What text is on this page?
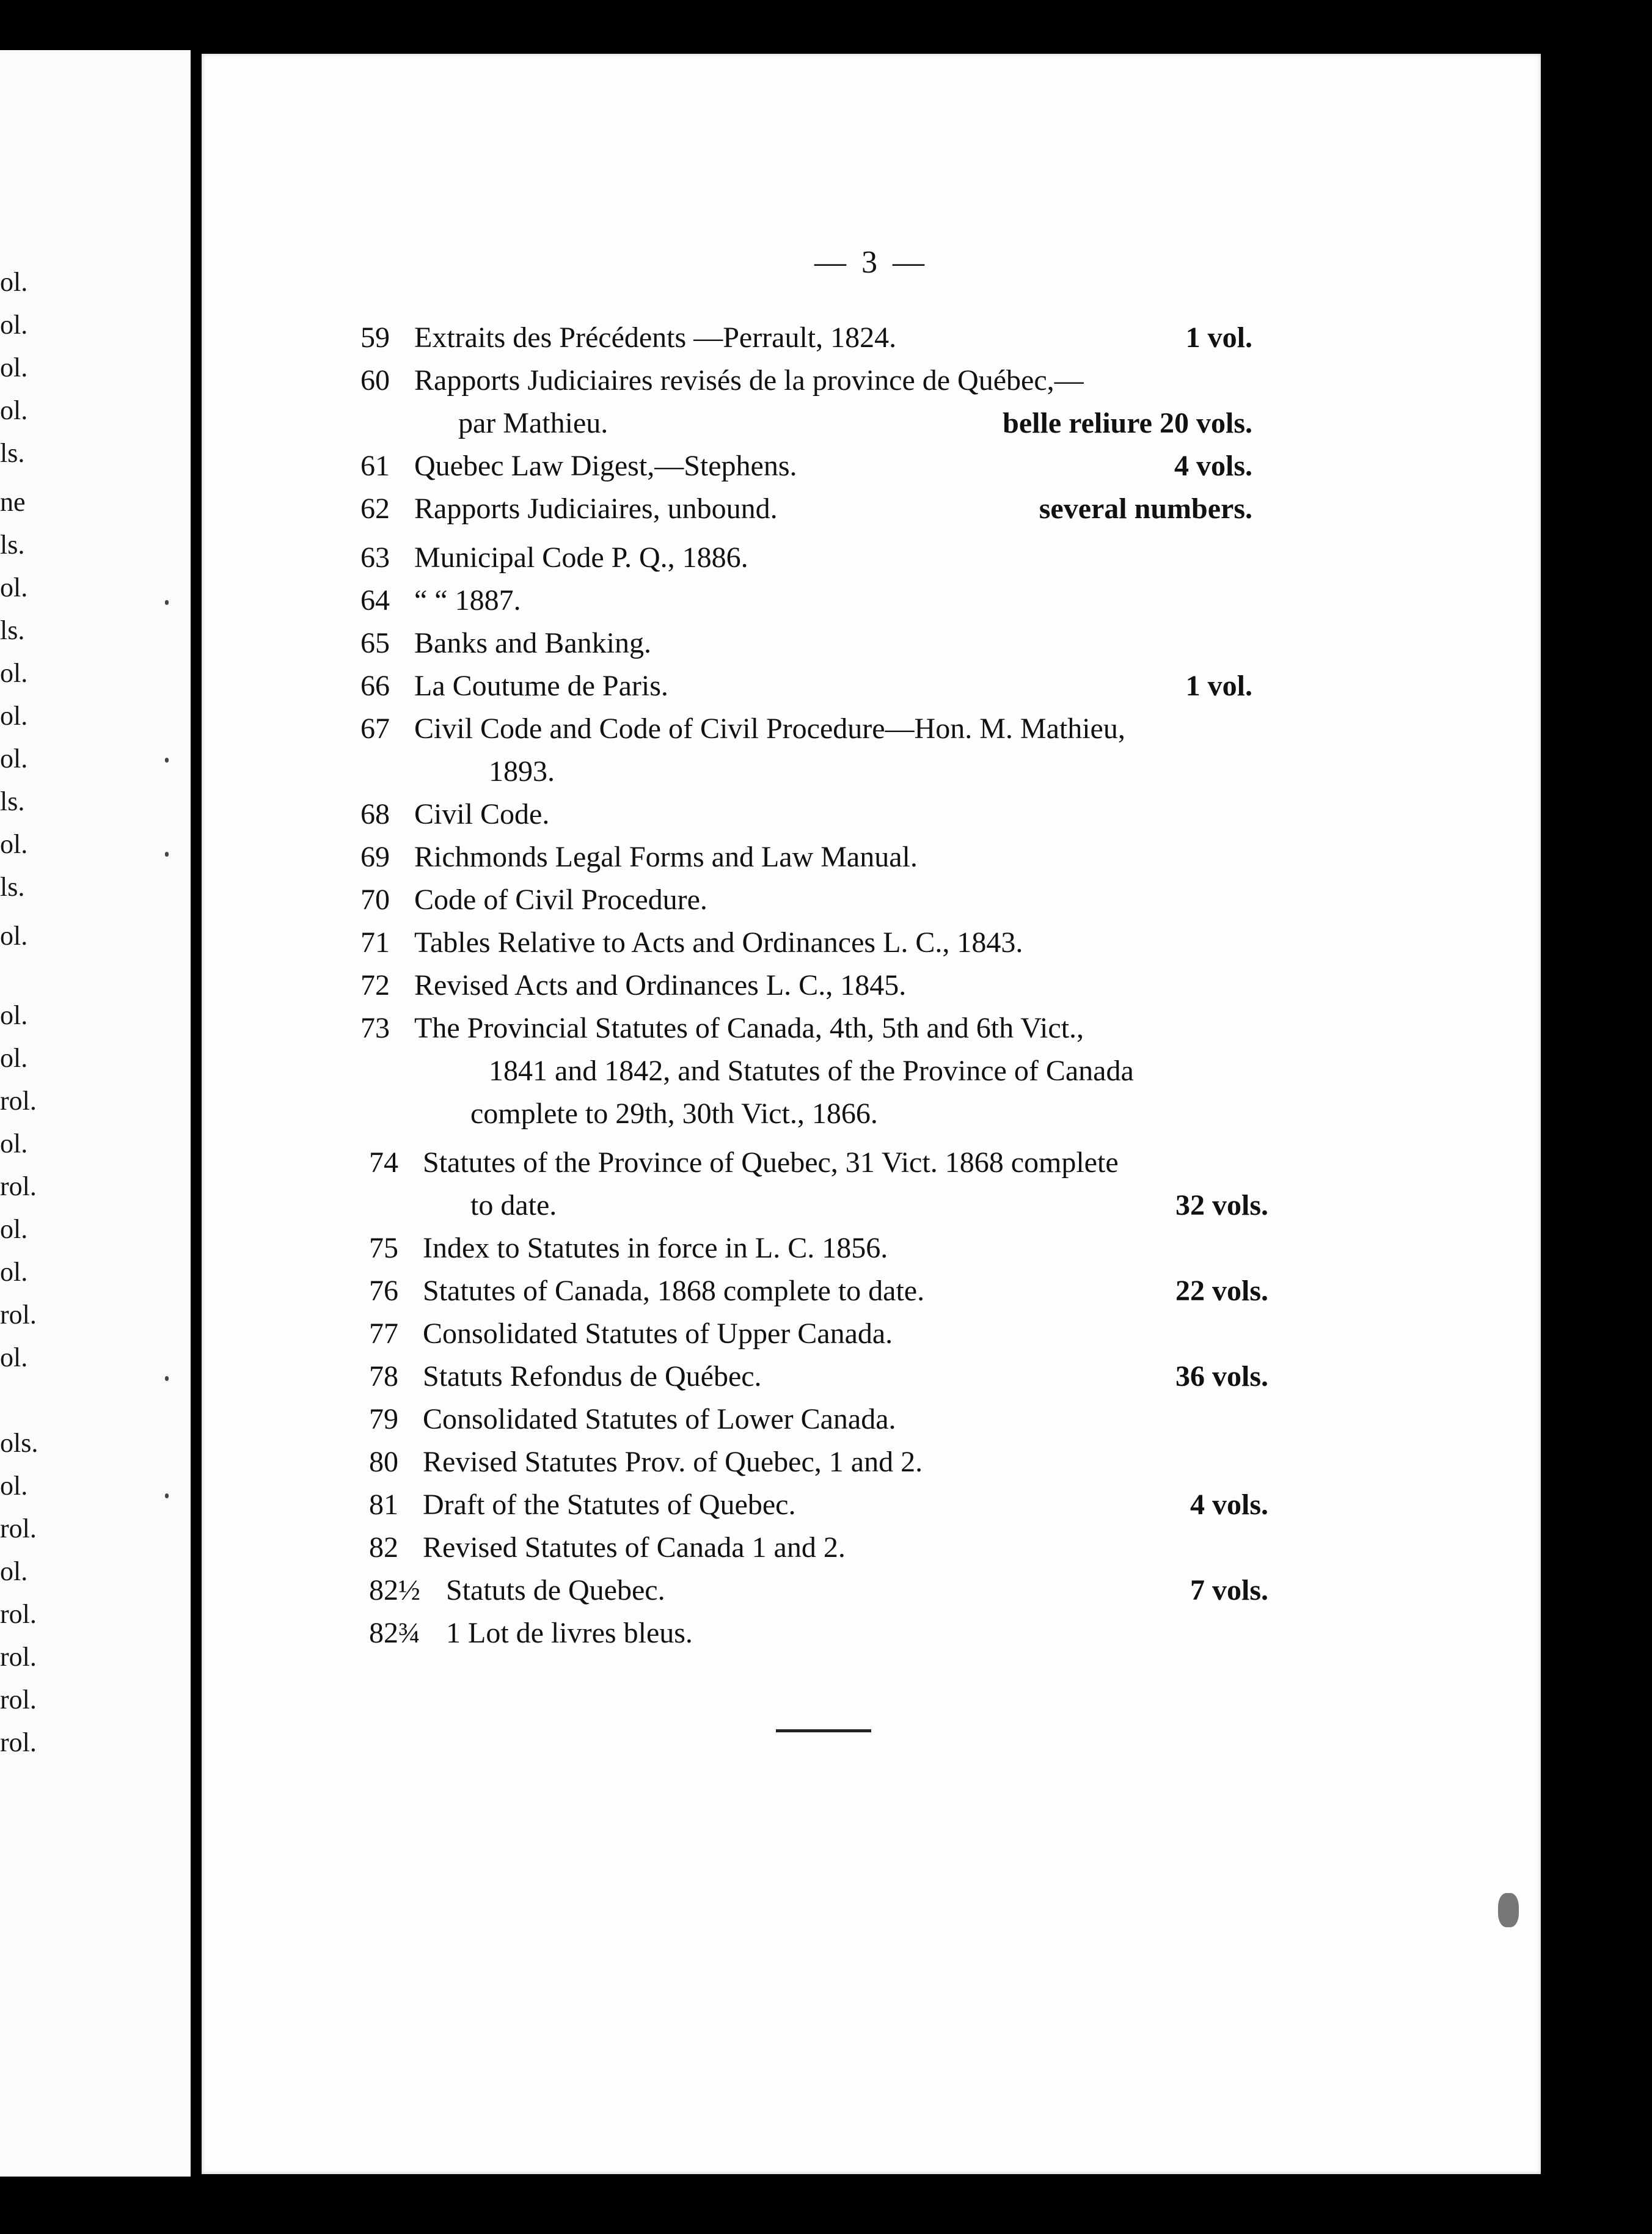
ol.
ol.
ol.
ol.
ls.
ne
ls.
ol.
ls.
ol.
ol.
ol.
ls.
ol.
ls.
ol.
ol.
ol.
rol.
ol.
rol.
ol.
ol.
rol.
ol.
ols.
ol.
rol.
ol.
rol.
rol.
rol.
rol.
— 3 —
59 Extraits des Précédents —Perrault, 1824.	1 vol.
60 Rapports Judiciaires revisés de la province de Québec,—
par Mathieu.	belle reliure 20 vols.
61 Quebec Law Digest,—Stephens.	4 vols.
62 Rapports Judiciaires, unbound.	several numbers.
63 Municipal Code P. Q., 1886.
64 “ “ 1887.
65 Banks and Banking.
66 La Coutume de Paris.	1 vol.
67 Civil Code and Code of Civil Procedure—Hon. M. Mathieu,
1893.
68 Civil Code.
69 Richmonds Legal Forms and Law Manual.
70 Code of Civil Procedure.
71 Tables Relative to Acts and Ordinances L. C., 1843.
72 Revised Acts and Ordinances L. C., 1845.
73 The Provincial Statutes of Canada, 4th, 5th and 6th Vict.,
1841 and 1842, and Statutes of the Province of Canada
complete to 29th, 30th Vict., 1866.
74 Statutes of the Province of Quebec, 31 Vict. 1868 complete
to date.	32 vols.
75 Index to Statutes in force in L. C. 1856.
76 Statutes of Canada, 1868 complete to date.	22 vols.
77 Consolidated Statutes of Upper Canada.
78 Statuts Refondus de Québec.	36 vols.
79 Consolidated Statutes of Lower Canada.
80 Revised Statutes Prov. of Quebec, 1 and 2.
81 Draft of the Statutes of Quebec.	4 vols.
82 Revised Statutes of Canada 1 and 2.
82½ Statuts de Quebec.	7 vols.
82¾ 1 Lot de livres bleus.
